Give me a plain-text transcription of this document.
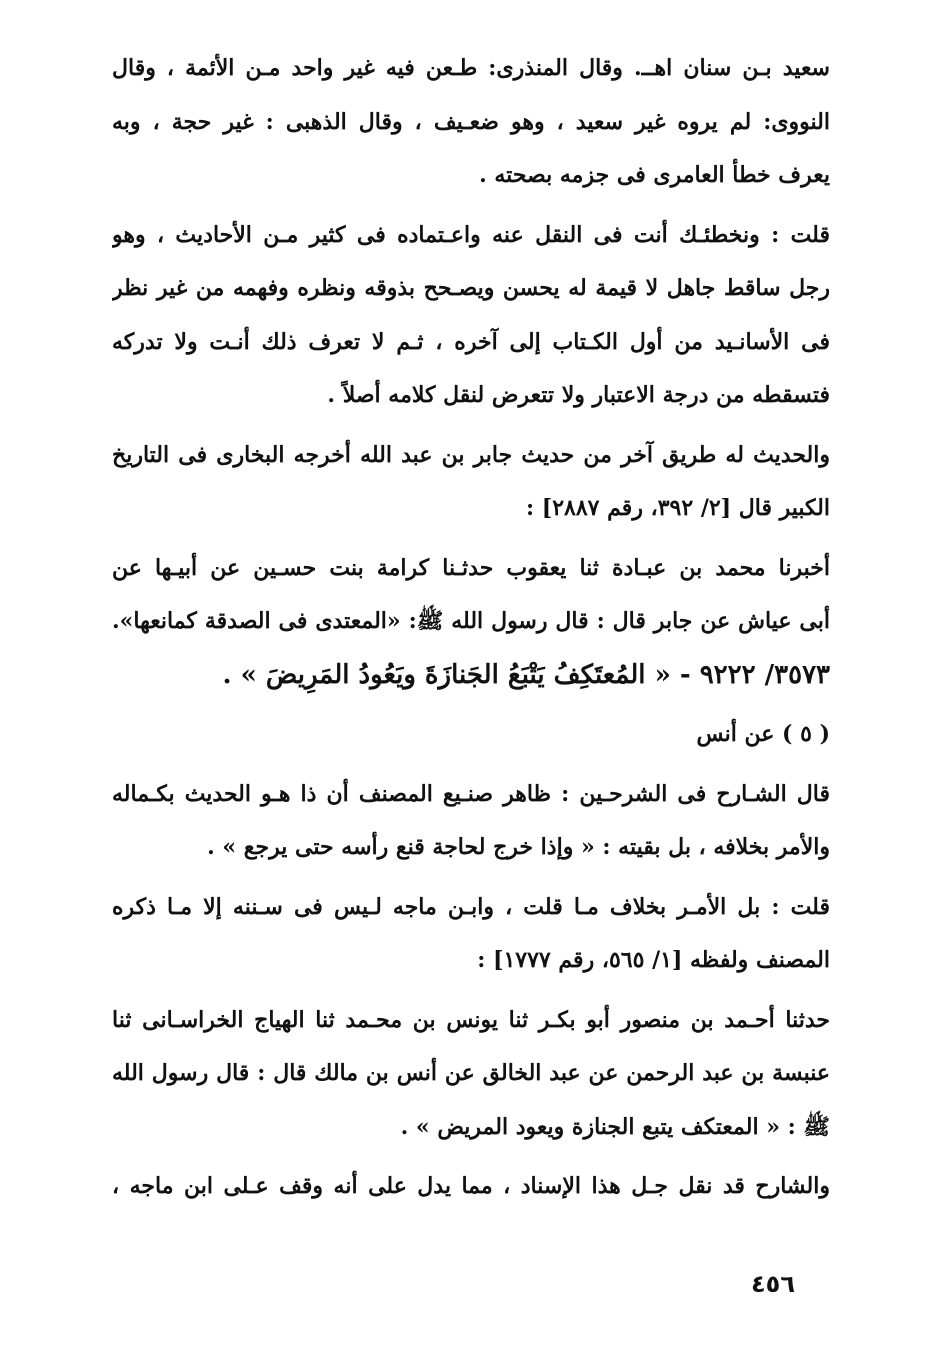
سعيد بـن سنان اهــ. وقال المنذرى: طـعن فيه غير واحد مـن الأئمة ، وقال
النووى: لم يروه غير سعيد ، وهو ضعـيف ، وقال الذهبى : غير حجة ، وبه
يعرف خطأ العامرى فى جزمه بصحته .
قلت : ونخطئـك أنت فى النقل عنه واعـتماده فى كثير مـن الأحاديث ، وهو
رجل ساقط جاهل لا قيمة له يحسن ويصـحح بذوقه ونظره وفهمه من غير نظر
فى الأسانـيد من أول الكـتاب إلى آخره ، ثـم لا تعرف ذلك أنـت ولا تدركه
فتسقطه من درجة الاعتبار ولا تتعرض لنقل كلامه أصلاً .
والحديث له طريق آخر من حديث جابر بن عبد الله أخرجه البخارى فى التاريخ
الكبير قال [٢/ ٣٩٢، رقم ٢٨٨٧] :
أخبرنا محمد بن عبـادة ثنا يعقوب حدثـنا كرامة بنت حسـين عن أبيـها عن
أبى عياش عن جابر قال : قال رسول الله ﷺ: «المعتدى فى الصدقة كمانعها».
٣٥٧٣/ ٩٢٢٢ - « المُعتَكِفُ يَتْبَعُ الجَنازَةَ ويَعُودُ المَرِيضَ » .
( ٥ ) عن أنس
قال الشـارح فى الشرحـين : ظاهر صنـيع المصنف أن ذا هـو الحديث بكـماله
والأمر بخلافه ، بل بقيته : « وإذا خرج لحاجة قنع رأسه حتى يرجع » .
قلت : بل الأمـر بخلاف مـا قلت ، وابـن ماجه لـيس فى سـننه إلا مـا ذكره
المصنف ولفظه [١/ ٥٦٥، رقم ١٧٧٧] :
حدثنا أحـمد بن منصور أبو بكـر ثنا يونس بن محـمد ثنا الهياج الخراسـانى ثنا
عنبسة بن عبد الرحمن عن عبد الخالق عن أنس بن مالك قال : قال رسول الله
ﷺ : « المعتكف يتبع الجنازة ويعود المريض » .
والشارح قد نقل جـل هذا الإسناد ، مما يدل على أنه وقف عـلى ابن ماجه ،
٤٥٦
